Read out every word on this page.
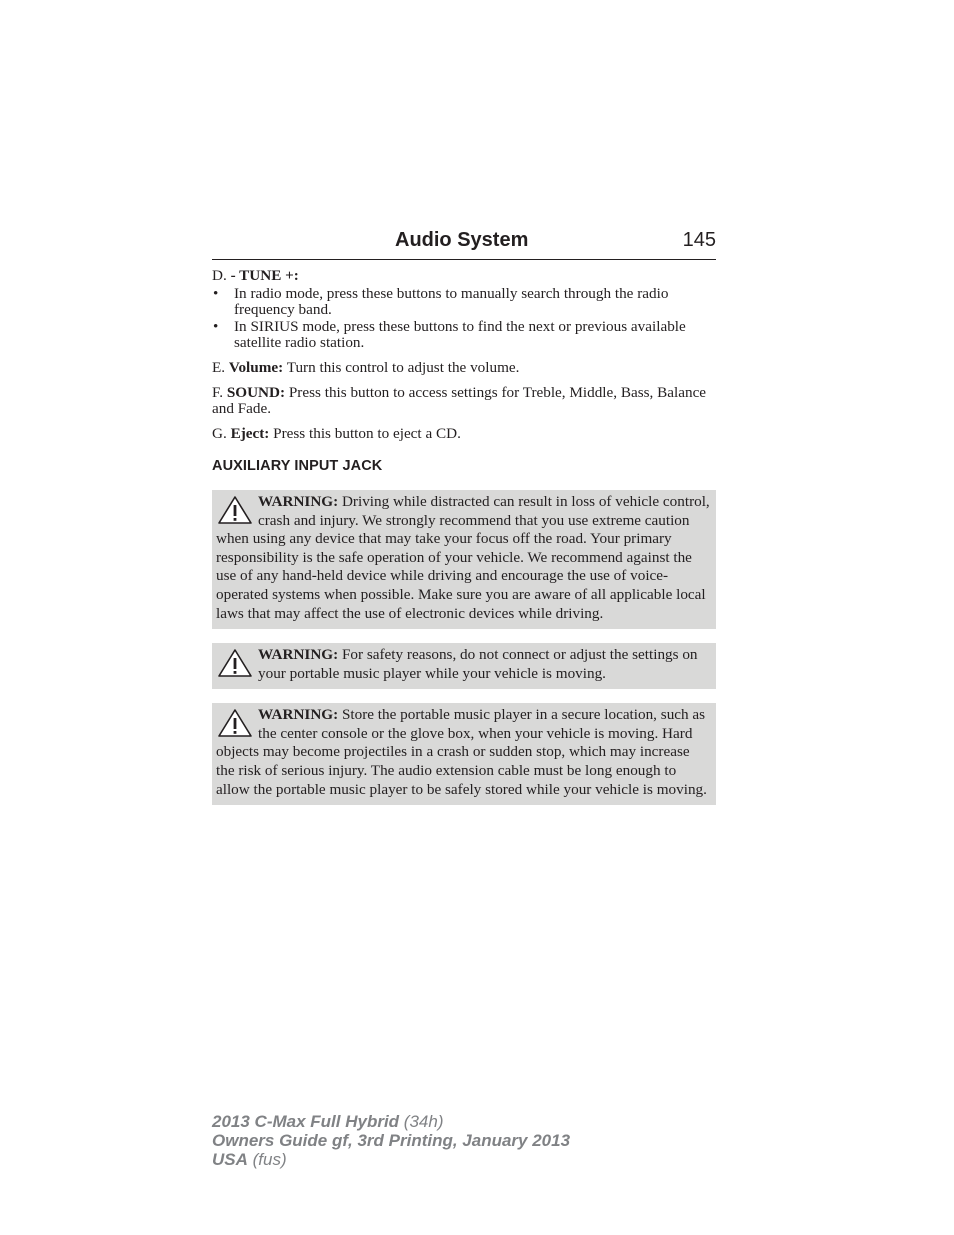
Audio System	145

D. - TUNE +:

• In radio mode, press these buttons to manually search through the radio frequency band.
• In SIRIUS mode, press these buttons to find the next or previous available satellite radio station.

E. Volume: Turn this control to adjust the volume.

F. SOUND: Press this button to access settings for Treble, Middle, Bass, Balance and Fade.

G. Eject: Press this button to eject a CD.

AUXILIARY INPUT JACK
WARNING: Driving while distracted can result in loss of vehicle control, crash and injury. We strongly recommend that you use extreme caution when using any device that may take your focus off the road. Your primary responsibility is the safe operation of your vehicle. We recommend against the use of any hand-held device while driving and encourage the use of voice-operated systems when possible. Make sure you are aware of all applicable local laws that may affect the use of electronic devices while driving.
WARNING: For safety reasons, do not connect or adjust the settings on your portable music player while your vehicle is moving.
WARNING: Store the portable music player in a secure location, such as the center console or the glove box, when your vehicle is moving. Hard objects may become projectiles in a crash or sudden stop, which may increase the risk of serious injury. The audio extension cable must be long enough to allow the portable music player to be safely stored while your vehicle is moving.
2013 C-Max Full Hybrid (34h)
Owners Guide gf, 3rd Printing, January 2013
USA (fus)
